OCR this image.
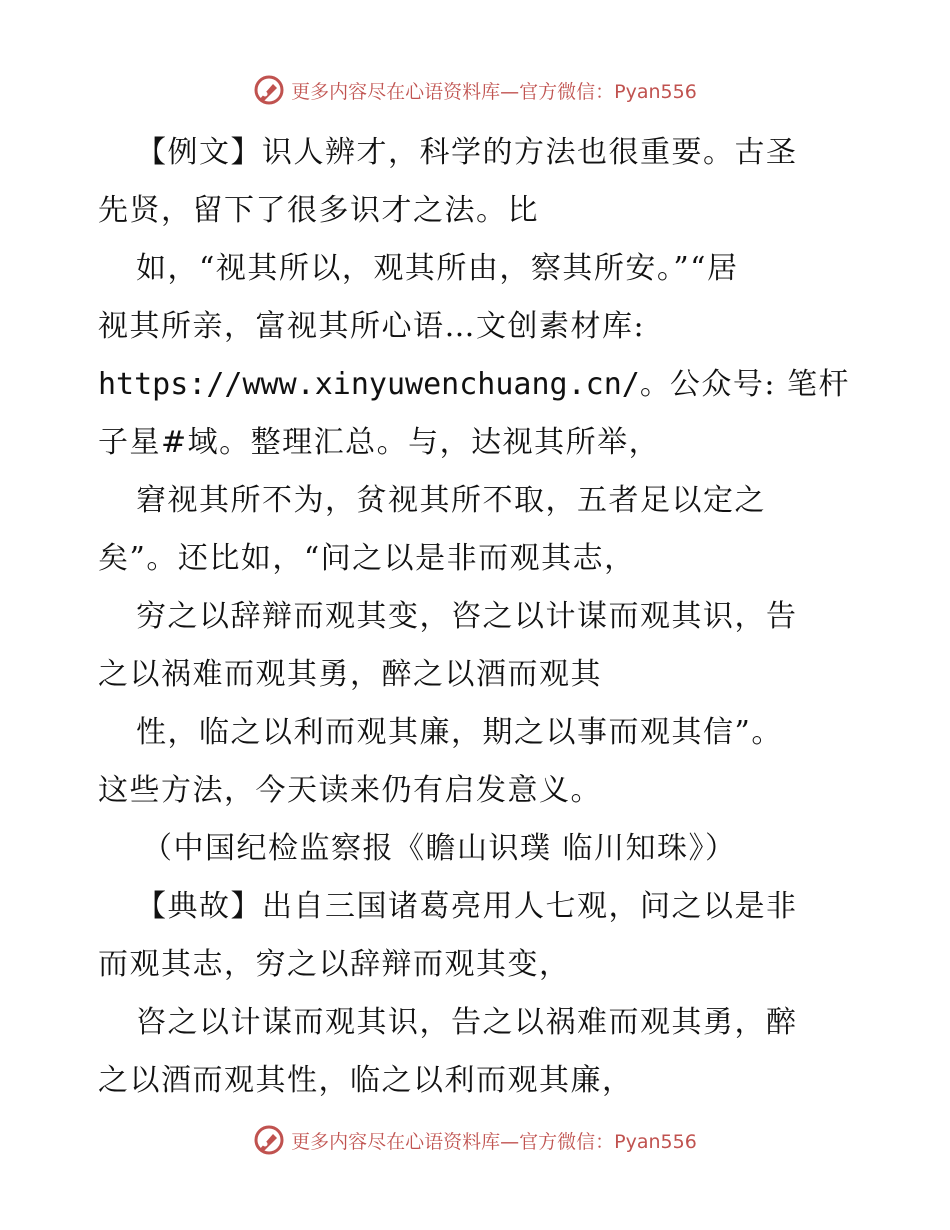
更多内容尽在心语资料库—官方微信：Pyan556
【例文】识人辨才，科学的方法也很重要。古圣
先贤，留下了很多识才之法。比
如，“视其所以，观其所由，察其所安。”“居
视其所亲，富视其所心语…文创素材库:
https://www.xinyuwenchuang.cn/。公众号: 笔杆
子星#域。整理汇总。与，达视其所举，
窘视其所不为，贫视其所不取，五者足以定之
矣”。还比如，“问之以是非而观其志，
穷之以辞辩而观其变，咨之以计谋而观其识，告
之以祸难而观其勇，醉之以酒而观其
性，临之以利而观其廉，期之以事而观其信”。
这些方法，今天读来仍有启发意义。
（中国纪检监察报《瞻山识璞 临川知珠》）
【典故】出自三国诸葛亮用人七观，问之以是非
而观其志，穷之以辞辩而观其变，
咨之以计谋而观其识，告之以祸难而观其勇，醉
之以酒而观其性，临之以利而观其廉，
更多内容尽在心语资料库—官方微信：Pyan556
